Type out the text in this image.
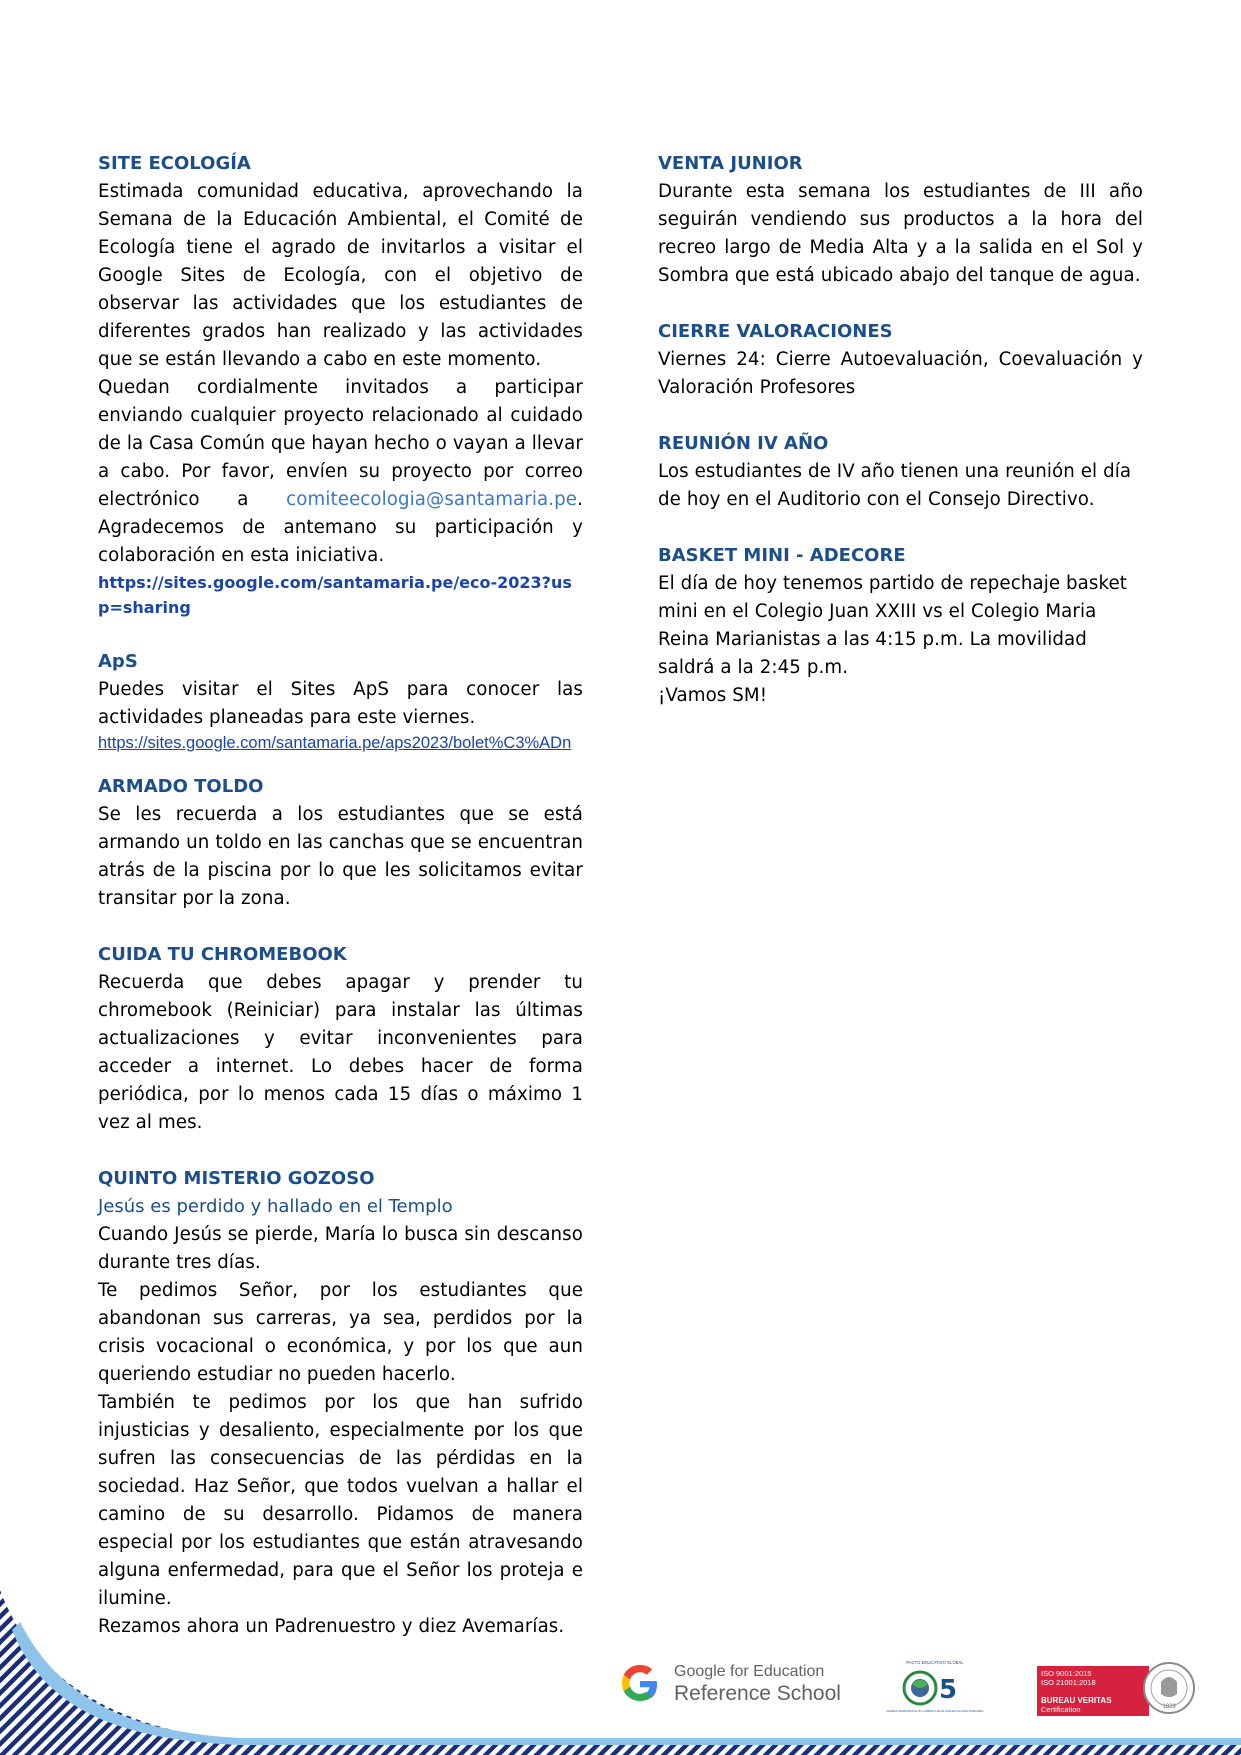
SITE ECOLOGÍA

Estimada comunidad educativa, aprovechando la Semana de la Educación Ambiental, el Comité de Ecología tiene el agrado de invitarlos a visitar el Google Sites de Ecología, con el objetivo de observar las actividades que los estudiantes de diferentes grados han realizado y las actividades que se están llevando a cabo en este momento.

Quedan cordialmente invitados a participar enviando cualquier proyecto relacionado al cuidado de la Casa Común que hayan hecho o vayan a llevar a cabo. Por favor, envíen su proyecto por correo electrónico a comiteecologia@santamaria.pe. Agradecemos de antemano su participación y colaboración en esta iniciativa.

https://sites.google.com/santamaria.pe/eco-2023?usp=sharing
ApS

Puedes visitar el Sites ApS para conocer las actividades planeadas para este viernes.

https://sites.google.com/santamaria.pe/aps2023/bolet%C3%ADn
ARMADO TOLDO

Se les recuerda a los estudiantes que se está armando un toldo en las canchas que se encuentran atrás de la piscina por lo que les solicitamos evitar transitar por la zona.

CUIDA TU CHROMEBOOK

Recuerda que debes apagar y prender tu chromebook (Reiniciar) para instalar las últimas actualizaciones y evitar inconvenientes para acceder a internet. Lo debes hacer de forma periódica, por lo menos cada 15 días o máximo 1 vez al mes.

QUINTO MISTERIO GOZOSO
Jesús es perdido y hallado en el Templo

Cuando Jesús se pierde, María lo busca sin descanso durante tres días.

Te pedimos Señor, por los estudiantes que abandonan sus carreras, ya sea, perdidos por la crisis vocacional o económica, y por los que aun queriendo estudiar no pueden hacerlo.

También te pedimos por los que han sufrido injusticias y desaliento, especialmente por los que sufren las consecuencias de las pérdidas en la sociedad. Haz Señor, que todos vuelvan a hallar el camino de su desarrollo. Pidamos de manera especial por los estudiantes que están atravesando alguna enfermedad, para que el Señor los proteja e ilumine.

Rezamos ahora un Padrenuestro y diez Avemarías.

VENTA JUNIOR

Durante esta semana los estudiantes de III año seguirán vendiendo sus productos a la hora del recreo largo de Media Alta y a la salida en el Sol y Sombra que está ubicado abajo del tanque de agua.

CIERRE VALORACIONES

Viernes 24: Cierre Autoevaluación, Coevaluación y Valoración Profesores

REUNIÓN IV AÑO

Los estudiantes de IV año tienen una reunión el día de hoy en el Auditorio con el Consejo Directivo.

BASKET MINI - ADECORE

El día de hoy tenemos partido de repechaje basket mini en el Colegio Juan XXIII vs el Colegio Maria Reina Marianistas a las 4:15 p.m. La movilidad saldrá a la 2:45 p.m.

¡Vamos SM!

Google for Education
Reference School
PACTO EDUCATIVO GLOBAL
5
FAMILIA MARIANISTA UN CAMINO HACIA UNA ECOLOGÍA INTEGRAL
ISO 9001:2015
ISO 21001:2018
BUREAU VERITAS
Certification	1828
